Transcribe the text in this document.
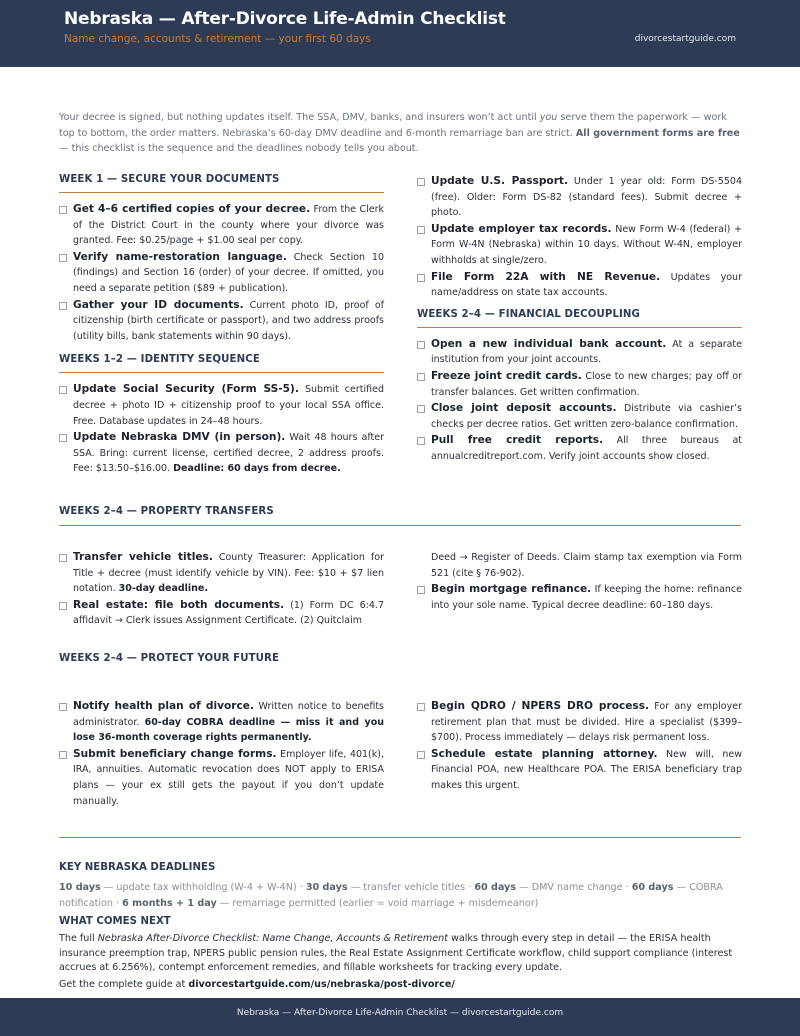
Nebraska — After-Divorce Life-Admin Checklist
Name change, accounts & retirement — your first 60 days	divorcestartguide.com
Your decree is signed, but nothing updates itself. The SSA, DMV, banks, and insurers won’t act until you serve them the paperwork — work top to bottom, the order matters. Nebraska’s 60-day DMV deadline and 6-month remarriage ban are strict. All government forms are free — this checklist is the sequence and the deadlines nobody tells you about.
WEEK 1 — SECURE YOUR DOCUMENTS
Get 4–6 certified copies of your decree. From the Clerk of the District Court in the county where your divorce was granted. Fee: $0.25/page + $1.00 seal per copy.
Verify name-restoration language. Check Section 10 (findings) and Section 16 (order) of your decree. If omitted, you need a separate petition ($89 + publication).
Gather your ID documents. Current photo ID, proof of citizenship (birth certificate or passport), and two address proofs (utility bills, bank statements within 90 days).
WEEKS 1–2 — IDENTITY SEQUENCE
Update Social Security (Form SS-5). Submit certified decree + photo ID + citizenship proof to your local SSA office. Free. Database updates in 24–48 hours.
Update Nebraska DMV (in person). Wait 48 hours after SSA. Bring: current license, certified decree, 2 address proofs. Fee: $13.50–$16.00. Deadline: 60 days from decree.
Update U.S. Passport. Under 1 year old: Form DS-5504 (free). Older: Form DS-82 (standard fees). Submit decree + photo.
Update employer tax records. New Form W-4 (federal) + Form W-4N (Nebraska) within 10 days. Without W-4N, employer withholds at single/zero.
File Form 22A with NE Revenue. Updates your name/address on state tax accounts.
WEEKS 2–4 — FINANCIAL DECOUPLING
Open a new individual bank account. At a separate institution from your joint accounts.
Freeze joint credit cards. Close to new charges; pay off or transfer balances. Get written confirmation.
Close joint deposit accounts. Distribute via cashier’s checks per decree ratios. Get written zero-balance confirmation.
Pull free credit reports. All three bureaus at annualcreditreport.com. Verify joint accounts show closed.
WEEKS 2–4 — PROPERTY TRANSFERS
Transfer vehicle titles. County Treasurer: Application for Title + decree (must identify vehicle by VIN). Fee: $10 + $7 lien notation. 30-day deadline.
Real estate: file both documents. (1) Form DC 6:4.7 affidavit → Clerk issues Assignment Certificate. (2) Quitclaim
Deed → Register of Deeds. Claim stamp tax exemption via Form 521 (cite § 76-902).
Begin mortgage refinance. If keeping the home: refinance into your sole name. Typical decree deadline: 60–180 days.
WEEKS 2–4 — PROTECT YOUR FUTURE
Notify health plan of divorce. Written notice to benefits administrator. 60-day COBRA deadline — miss it and you lose 36-month coverage rights permanently.
Submit beneficiary change forms. Employer life, 401(k), IRA, annuities. Automatic revocation does NOT apply to ERISA plans — your ex still gets the payout if you don’t update manually.
Begin QDRO / NPERS DRO process. For any employer retirement plan that must be divided. Hire a specialist ($399–$700). Process immediately — delays risk permanent loss.
Schedule estate planning attorney. New will, new Financial POA, new Healthcare POA. The ERISA beneficiary trap makes this urgent.
KEY NEBRASKA DEADLINES
10 days — update tax withholding (W-4 + W-4N) · 30 days — transfer vehicle titles · 60 days — DMV name change · 60 days — COBRA notification · 6 months + 1 day — remarriage permitted (earlier = void marriage + misdemeanor)
WHAT COMES NEXT
The full Nebraska After-Divorce Checklist: Name Change, Accounts & Retirement walks through every step in detail — the ERISA health insurance preemption trap, NPERS public pension rules, the Real Estate Assignment Certificate workflow, child support compliance (interest accrues at 6.256%), contempt enforcement remedies, and fillable worksheets for tracking every update.
Get the complete guide at divorcestartguide.com/us/nebraska/post-divorce/
Nebraska — After-Divorce Life-Admin Checklist — divorcestartguide.com
